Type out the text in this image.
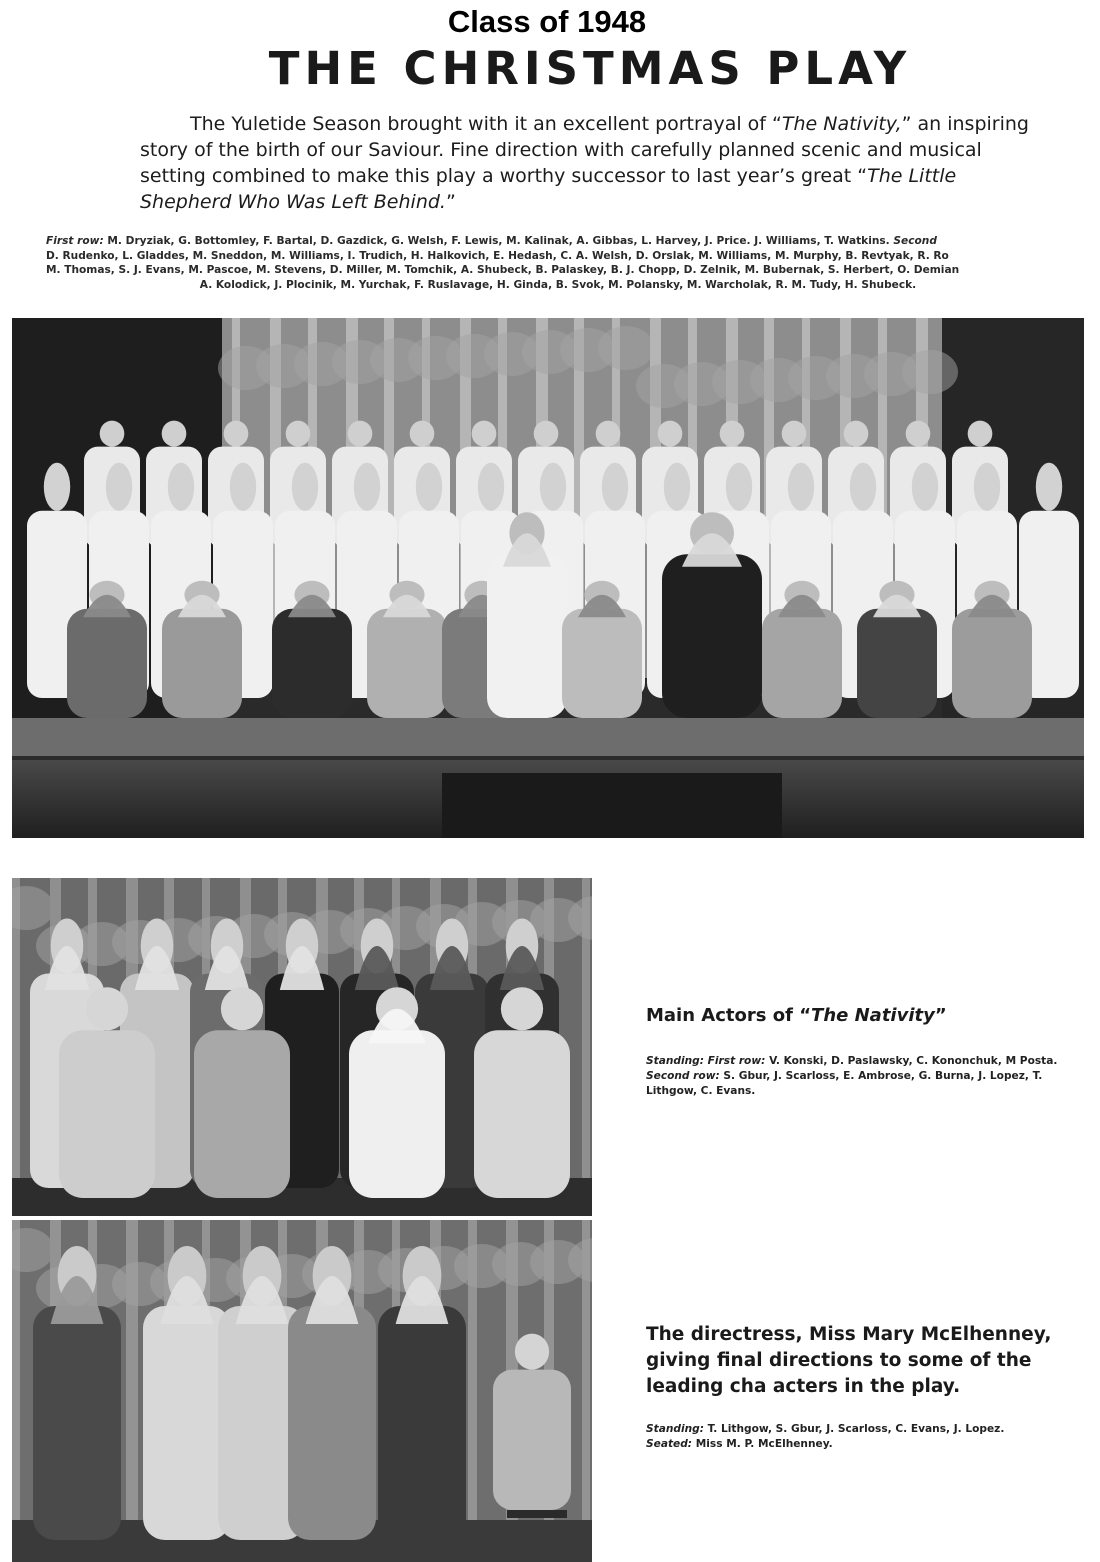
Class of 1948
THE CHRISTMAS PLAY

The Yuletide Season brought with it an excellent portrayal of “The Nativity,” an inspiring story of the birth of our Saviour. Fine direction with carefully planned scenic and musical setting combined to make this play a worthy successor to last year’s great “The Little Shepherd Who Was Left Behind.”

First row: M. Dryziak, G. Bottomley, F. Bartal, D. Gazdick, G. Welsh, F. Lewis, M. Kalinak, A. Gibbas, L. Harvey, J. Price. J. Williams, T. Watkins. Second
D. Rudenko, L. Gladdes, M. Sneddon, M. Williams, I. Trudich, H. Halkovich, E. Hedash, C. A. Welsh, D. Orslak, M. Williams, M. Murphy, B. Revtyak, R. Ro
M. Thomas, S. J. Evans, M. Pascoe, M. Stevens, D. Miller, M. Tomchik, A. Shubeck, B. Palaskey, B. J. Chopp, D. Zelnik, M. Bubernak, S. Herbert, O. Demian
A. Kolodick, J. Plocinik, M. Yurchak, F. Ruslavage, H. Ginda, B. Svok, M. Polansky, M. Warcholak, R. M. Tudy, H. Shubeck.
Main Actors of “The Nativity”
Standing: First row: V. Konski, D. Paslawsky, C. Kononchuk, M Posta.  Second row: S. Gbur, J. Scarloss, E. Ambrose, G. Burna, J. Lopez, T. Lithgow, C. Evans.
The directress, Miss Mary McElhenney, giving final directions to some of the leading cha acters in the play.
Standing: T. Lithgow, S. Gbur, J. Scarloss, C. Evans, J. Lopez.
Seated: Miss M. P. McElhenney.
